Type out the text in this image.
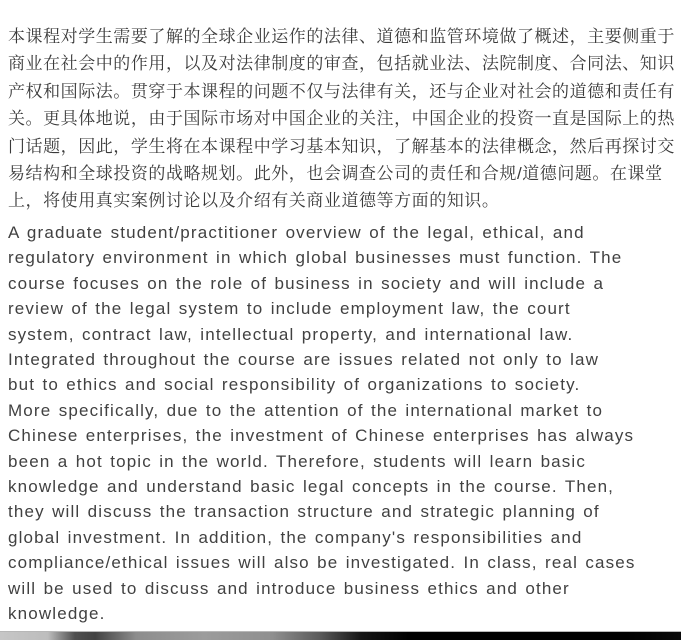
本课程对学生需要了解的全球企业运作的法律、道德和监管环境做了概述，主要侧重于
商业在社会中的作用，以及对法律制度的审查，包括就业法、法院制度、合同法、知识
产权和国际法。贯穿于本课程的问题不仅与法律有关，还与企业对社会的道德和责任有
关。更具体地说，由于国际市场对中国企业的关注，中国企业的投资一直是国际上的热
门话题，因此，学生将在本课程中学习基本知识，了解基本的法律概念，然后再探讨交
易结构和全球投资的战略规划。此外，也会调查公司的责任和合规/道德问题。在课堂
上，将使用真实案例讨论以及介绍有关商业道德等方面的知识。
A graduate student/practitioner overview of the legal, ethical, and
regulatory environment in which global businesses must function. The
course focuses on the role of business in society and will include a
review of the legal system to include employment law, the court
system, contract law, intellectual property, and international law.
Integrated throughout the course are issues related not only to law
but to ethics and social responsibility of organizations to society.
More specifically, due to the attention of the international market to
Chinese enterprises, the investment of Chinese enterprises has always
been a hot topic in the world. Therefore, students will learn basic
knowledge and understand basic legal concepts in the course. Then,
they will discuss the transaction structure and strategic planning of
global investment. In addition, the company's responsibilities and
compliance/ethical issues will also be investigated. In class, real cases
will be used to discuss and introduce business ethics and other
knowledge.
